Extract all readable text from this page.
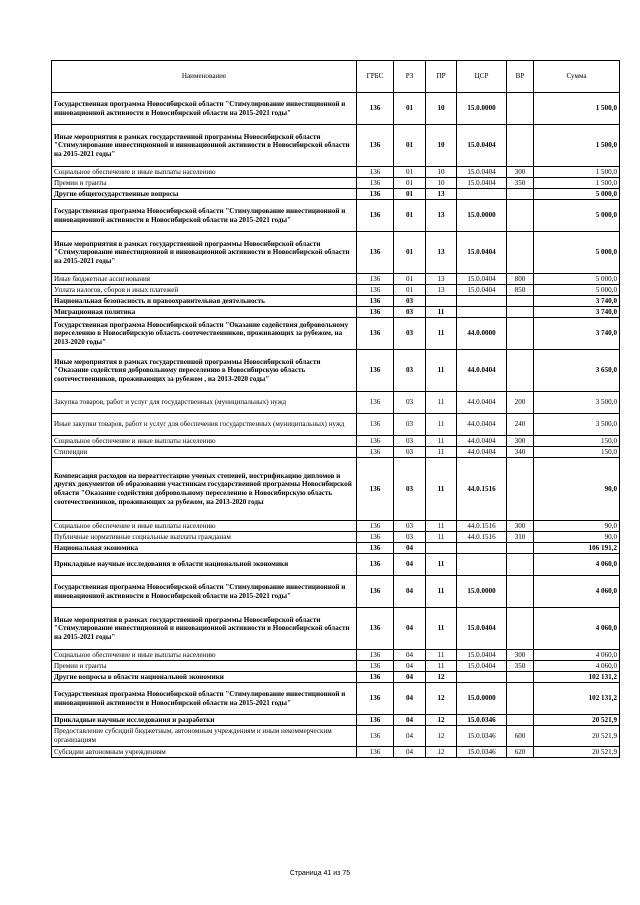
Наименование	ГРБС	РЗ	ПР	ЦСР	ВР	Сумма
Государственная программа Новосибирской области "Стимулирование инвестиционной и инновационной активности в Новосибирской области на 2015-2021 годы"	136	01	10	15.0.0000		1 500,0
Иные мероприятия в рамках государственной программы Новосибирской области "Стимулирование инвестиционной и инновационной активности в Новосибирской области на 2015-2021 годы"	136	01	10	15.0.0404		1 500,0
Социальное обеспечение и иные выплаты населению	136	01	10	15.0.0404	300	1 500,0
Премии и гранты	136	01	10	15.0.0404	350	1 500,0
Другие общегосударственные вопросы	136	01	13			5 000,0
Государственная программа Новосибирской области "Стимулирование инвестиционной и инновационной активности в Новосибирской области на 2015-2021 годы"	136	01	13	15.0.0000		5 000,0
Иные мероприятия в рамках государственной программы Новосибирской области "Стимулирование инвестиционной и инновационной активности в Новосибирской области на 2015-2021 годы"	136	01	13	15.0.0404		5 000,0
Иные бюджетные ассигнования	136	01	13	15.0.0404	800	5 000,0
Уплата налогов, сборов и иных платежей	136	01	13	15.0.0404	850	5 000,0
Национальная безопасность и правоохранительная деятельность	136	03				3 740,0
Миграционная политика	136	03	11			3 740,0
Государственная программа Новосибирской области "Оказание содействия добровольному переселению в Новосибирскую область соотечественников, проживающих за рубежом, на 2013-2020 годы"	136	03	11	44.0.0000		3 740,0
Иные мероприятия в рамках государственной программы Новосибирской области "Оказание содействия добровольному переселению в Новосибирскую область соотечественников, проживающих за рубежом , на 2013-2020 годы"	136	03	11	44.0.0404		3 650,0
Закупка товаров, работ и услуг для государственных (муниципальных) нужд	136	03	11	44.0.0404	200	3 500,0
Иные закупки товаров, работ и услуг для обеспечения государственных (муниципальных) нужд	136	03	11	44.0.0404	240	3 500,0
Социальное обеспечение и иные выплаты населению	136	03	11	44.0.0404	300	150,0
Стипендии	136	03	11	44.0.0404	340	150,0
Компенсация расходов на переаттестацию ученых степеней, нострификацию дипломов и других документов об образовании участникам государственной программы Новосибирской области "Оказание содействия добровольному переселению в Новосибирскую область соотечественников, проживающих за рубежом, на 2013-2020 годы	136	03	11	44.0.1516		90,0
Социальное обеспечение и иные выплаты населению	136	03	11	44.0.1516	300	90,0
Публичные нормативные социальные выплаты гражданам	136	03	11	44.0.1516	310	90,0
Национальная экономика	136	04				106 191,2
Прикладные научные исследования в области национальной экономики	136	04	11			4 060,0
Государственная программа Новосибирской области "Стимулирование инвестиционной и инновационной активности в Новосибирской области на 2015-2021 годы"	136	04	11	15.0.0000		4 060,0
Иные мероприятия в рамках государственной программы Новосибирской области "Стимулирование инвестиционной и инновационной активности в Новосибирской области на 2015-2021 годы"	136	04	11	15.0.0404		4 060,0
Социальное обеспечение и иные выплаты населению	136	04	11	15.0.0404	300	4 060,0
Премии и гранты	136	04	11	15.0.0404	350	4 060,0
Другие вопросы в области национальной экономики	136	04	12			102 131,2
Государственная программа Новосибирской области "Стимулирование инвестиционной и инновационной активности в Новосибирской области на 2015-2021 годы"	136	04	12	15.0.0000		102 131,2
Прикладные научные исследования и разработки	136	04	12	15.0.0346		20 521,9
Предоставление субсидий бюджетным, автономным учреждениям и иным некоммерческим организациям	136	04	12	15.0.0346	600	20 521,9
Субсидии автономным учреждениям	136	04	12	15.0.0346	620	20 521,9
Страница 41 из 75
